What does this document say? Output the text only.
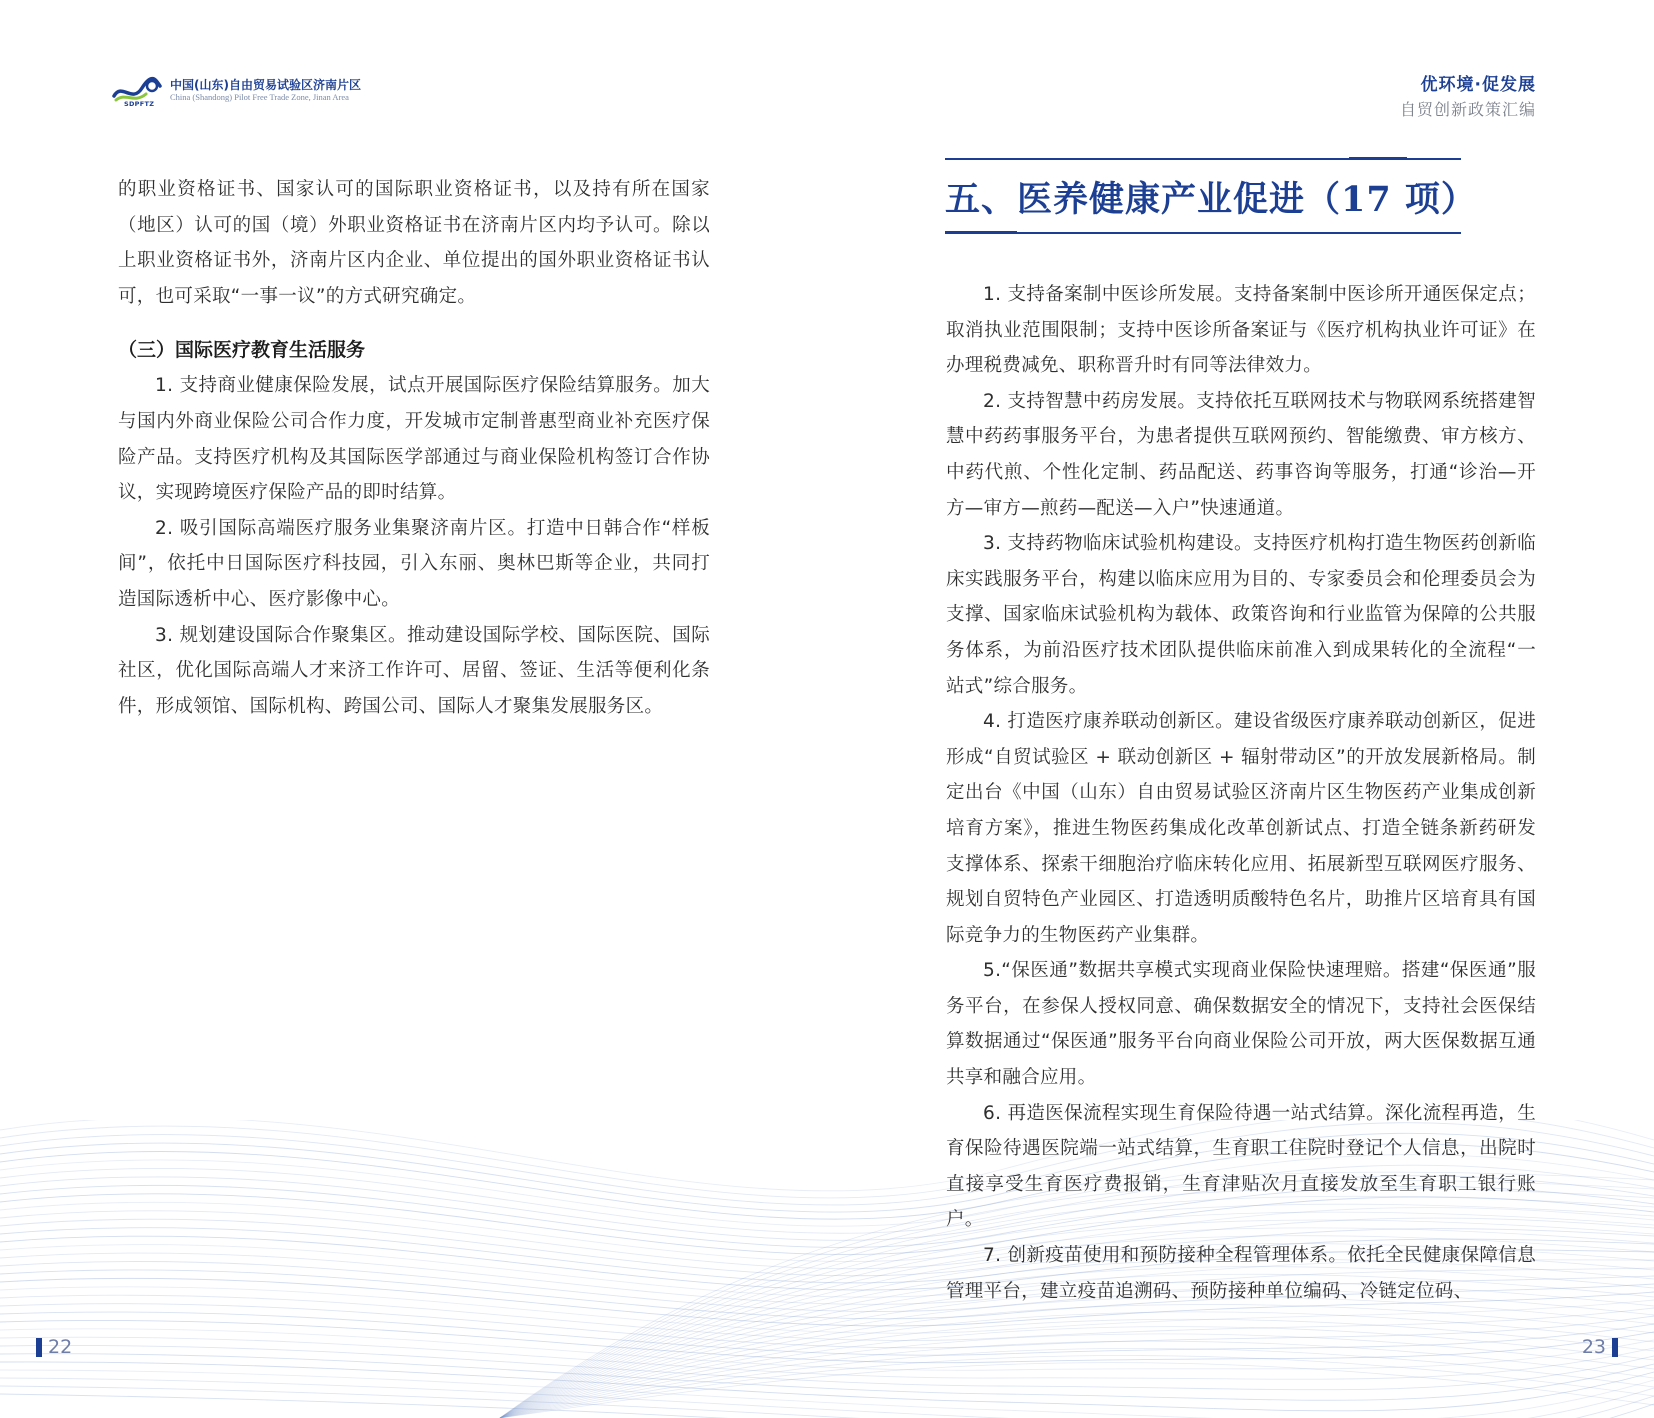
SDPFTZ
中国(山东)自由贸易试验区济南片区
China (Shandong) Pilot Free Trade Zone, Jinan Area
优环境·促发展
自贸创新政策汇编

的职业资格证书、国家认可的国际职业资格证书，以及持有所在国家（地区）认可的国（境）外职业资格证书在济南片区内均予认可。除以上职业资格证书外，济南片区内企业、单位提出的国外职业资格证书认可，也可采取“一事一议”的方式研究确定。

（三）国际医疗教育生活服务

1. 支持商业健康保险发展，试点开展国际医疗保险结算服务。加大与国内外商业保险公司合作力度，开发城市定制普惠型商业补充医疗保险产品。支持医疗机构及其国际医学部通过与商业保险机构签订合作协议，实现跨境医疗保险产品的即时结算。

2. 吸引国际高端医疗服务业集聚济南片区。打造中日韩合作“样板间”，依托中日国际医疗科技园，引入东丽、奥林巴斯等企业，共同打造国际透析中心、医疗影像中心。

3. 规划建设国际合作聚集区。推动建设国际学校、国际医院、国际社区，优化国际高端人才来济工作许可、居留、签证、生活等便利化条件，形成领馆、国际机构、跨国公司、国际人才聚集发展服务区。

五、医养健康产业促进（17 项）

1. 支持备案制中医诊所发展。支持备案制中医诊所开通医保定点；取消执业范围限制；支持中医诊所备案证与《医疗机构执业许可证》在办理税费减免、职称晋升时有同等法律效力。

2. 支持智慧中药房发展。支持依托互联网技术与物联网系统搭建智慧中药药事服务平台，为患者提供互联网预约、智能缴费、审方核方、中药代煎、个性化定制、药品配送、药事咨询等服务，打通“诊治—开方—审方—煎药—配送—入户”快速通道。

3. 支持药物临床试验机构建设。支持医疗机构打造生物医药创新临床实践服务平台，构建以临床应用为目的、专家委员会和伦理委员会为支撑、国家临床试验机构为载体、政策咨询和行业监管为保障的公共服务体系，为前沿医疗技术团队提供临床前准入到成果转化的全流程“一站式”综合服务。

4. 打造医疗康养联动创新区。建设省级医疗康养联动创新区，促进形成“自贸试验区 + 联动创新区 + 辐射带动区”的开放发展新格局。制定出台《中国（山东）自由贸易试验区济南片区生物医药产业集成创新培育方案》，推进生物医药集成化改革创新试点、打造全链条新药研发支撑体系、探索干细胞治疗临床转化应用、拓展新型互联网医疗服务、规划自贸特色产业园区、打造透明质酸特色名片，助推片区培育具有国际竞争力的生物医药产业集群。

5.“保医通”数据共享模式实现商业保险快速理赔。搭建“保医通”服务平台，在参保人授权同意、确保数据安全的情况下，支持社会医保结算数据通过“保医通”服务平台向商业保险公司开放，两大医保数据互通共享和融合应用。

6. 再造医保流程实现生育保险待遇一站式结算。深化流程再造，生育保险待遇医院端一站式结算，生育职工住院时登记个人信息，出院时直接享受生育医疗费报销，生育津贴次月直接发放至生育职工银行账户。

7. 创新疫苗使用和预防接种全程管理体系。依托全民健康保障信息管理平台，建立疫苗追溯码、预防接种单位编码、冷链定位码、

22	23
